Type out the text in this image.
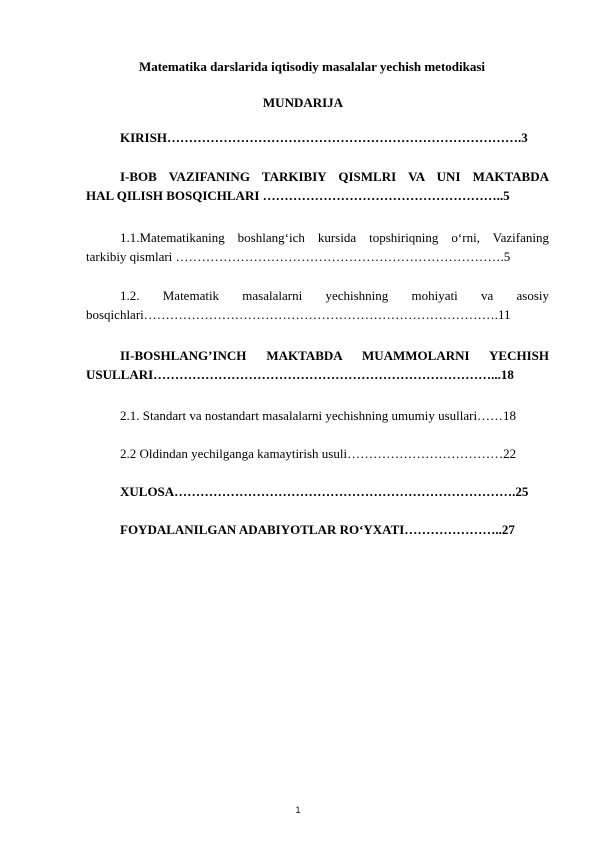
Matematika darslarida iqtisodiy masalalar yechish metodikasi
MUNDARIJA
KIRISH……………………………………………………………………….3
I-BOB VAZIFANING TARKIBIY QISMLRI VA UNI MAKTABDA
HAL QILISH BOSQICHLARI ………………………………………………..5
1.1.Matematikaning boshlang‘ich kursida topshiriqning o‘rni, Vazifaning
tarkibiy qismlari ………………………………………………………………….5
1.2. Matematik masalalarni yechishning mohiyati va asosiy
bosqichlari……………………………………………………………………….11
II-BOSHLANG’INCH MAKTABDA MUAMMOLARNI YECHISH
USULLARI……………………………………………………………………...18
2.1. Standart va nostandart masalalarni yechishning umumiy usullari……18
2.2 Oldindan yechilganga kamaytirish usuli………………………………22
XULOSA…………………………………………………………………….25
FOYDALANILGAN ADABIYOTLAR RO‘YXATI…………………..27
1
